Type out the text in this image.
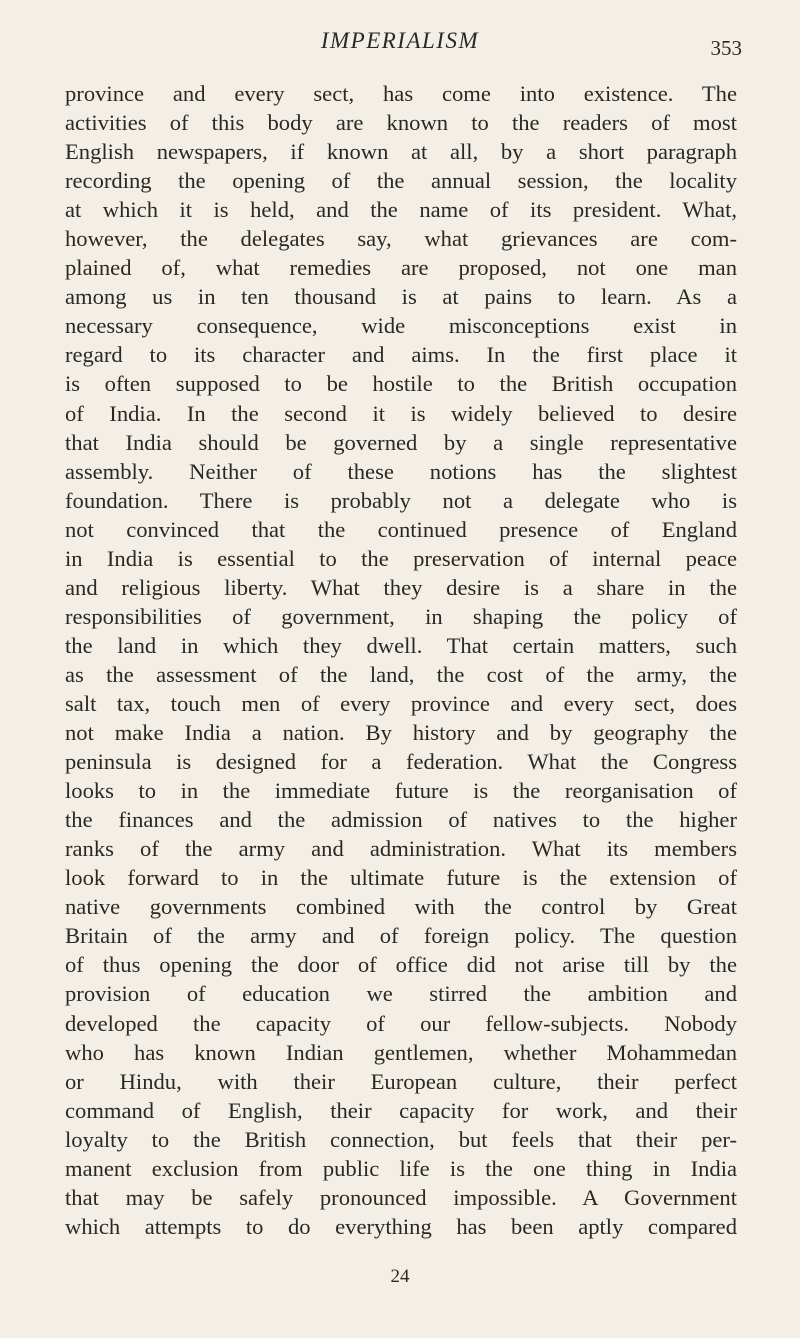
IMPERIALISM	353
province and every sect, has come into existence. The
activities of this body are known to the readers of most
English newspapers, if known at all, by a short paragraph
recording the opening of the annual session, the locality
at which it is held, and the name of its president. What,
however, the delegates say, what grievances are com-
plained of, what remedies are proposed, not one man
among us in ten thousand is at pains to learn. As a
necessary consequence, wide misconceptions exist in
regard to its character and aims. In the first place it
is often supposed to be hostile to the British occupation
of India. In the second it is widely believed to desire
that India should be governed by a single representative
assembly. Neither of these notions has the slightest
foundation. There is probably not a delegate who is
not convinced that the continued presence of England
in India is essential to the preservation of internal peace
and religious liberty. What they desire is a share in the
responsibilities of government, in shaping the policy of
the land in which they dwell. That certain matters, such
as the assessment of the land, the cost of the army, the
salt tax, touch men of every province and every sect, does
not make India a nation. By history and by geography the
peninsula is designed for a federation. What the Congress
looks to in the immediate future is the reorganisation of
the finances and the admission of natives to the higher
ranks of the army and administration. What its members
look forward to in the ultimate future is the extension of
native governments combined with the control by Great
Britain of the army and of foreign policy. The question
of thus opening the door of office did not arise till by the
provision of education we stirred the ambition and
developed the capacity of our fellow-subjects. Nobody
who has known Indian gentlemen, whether Mohammedan
or Hindu, with their European culture, their perfect
command of English, their capacity for work, and their
loyalty to the British connection, but feels that their per-
manent exclusion from public life is the one thing in India
that may be safely pronounced impossible. A Government
which attempts to do everything has been aptly compared
24
